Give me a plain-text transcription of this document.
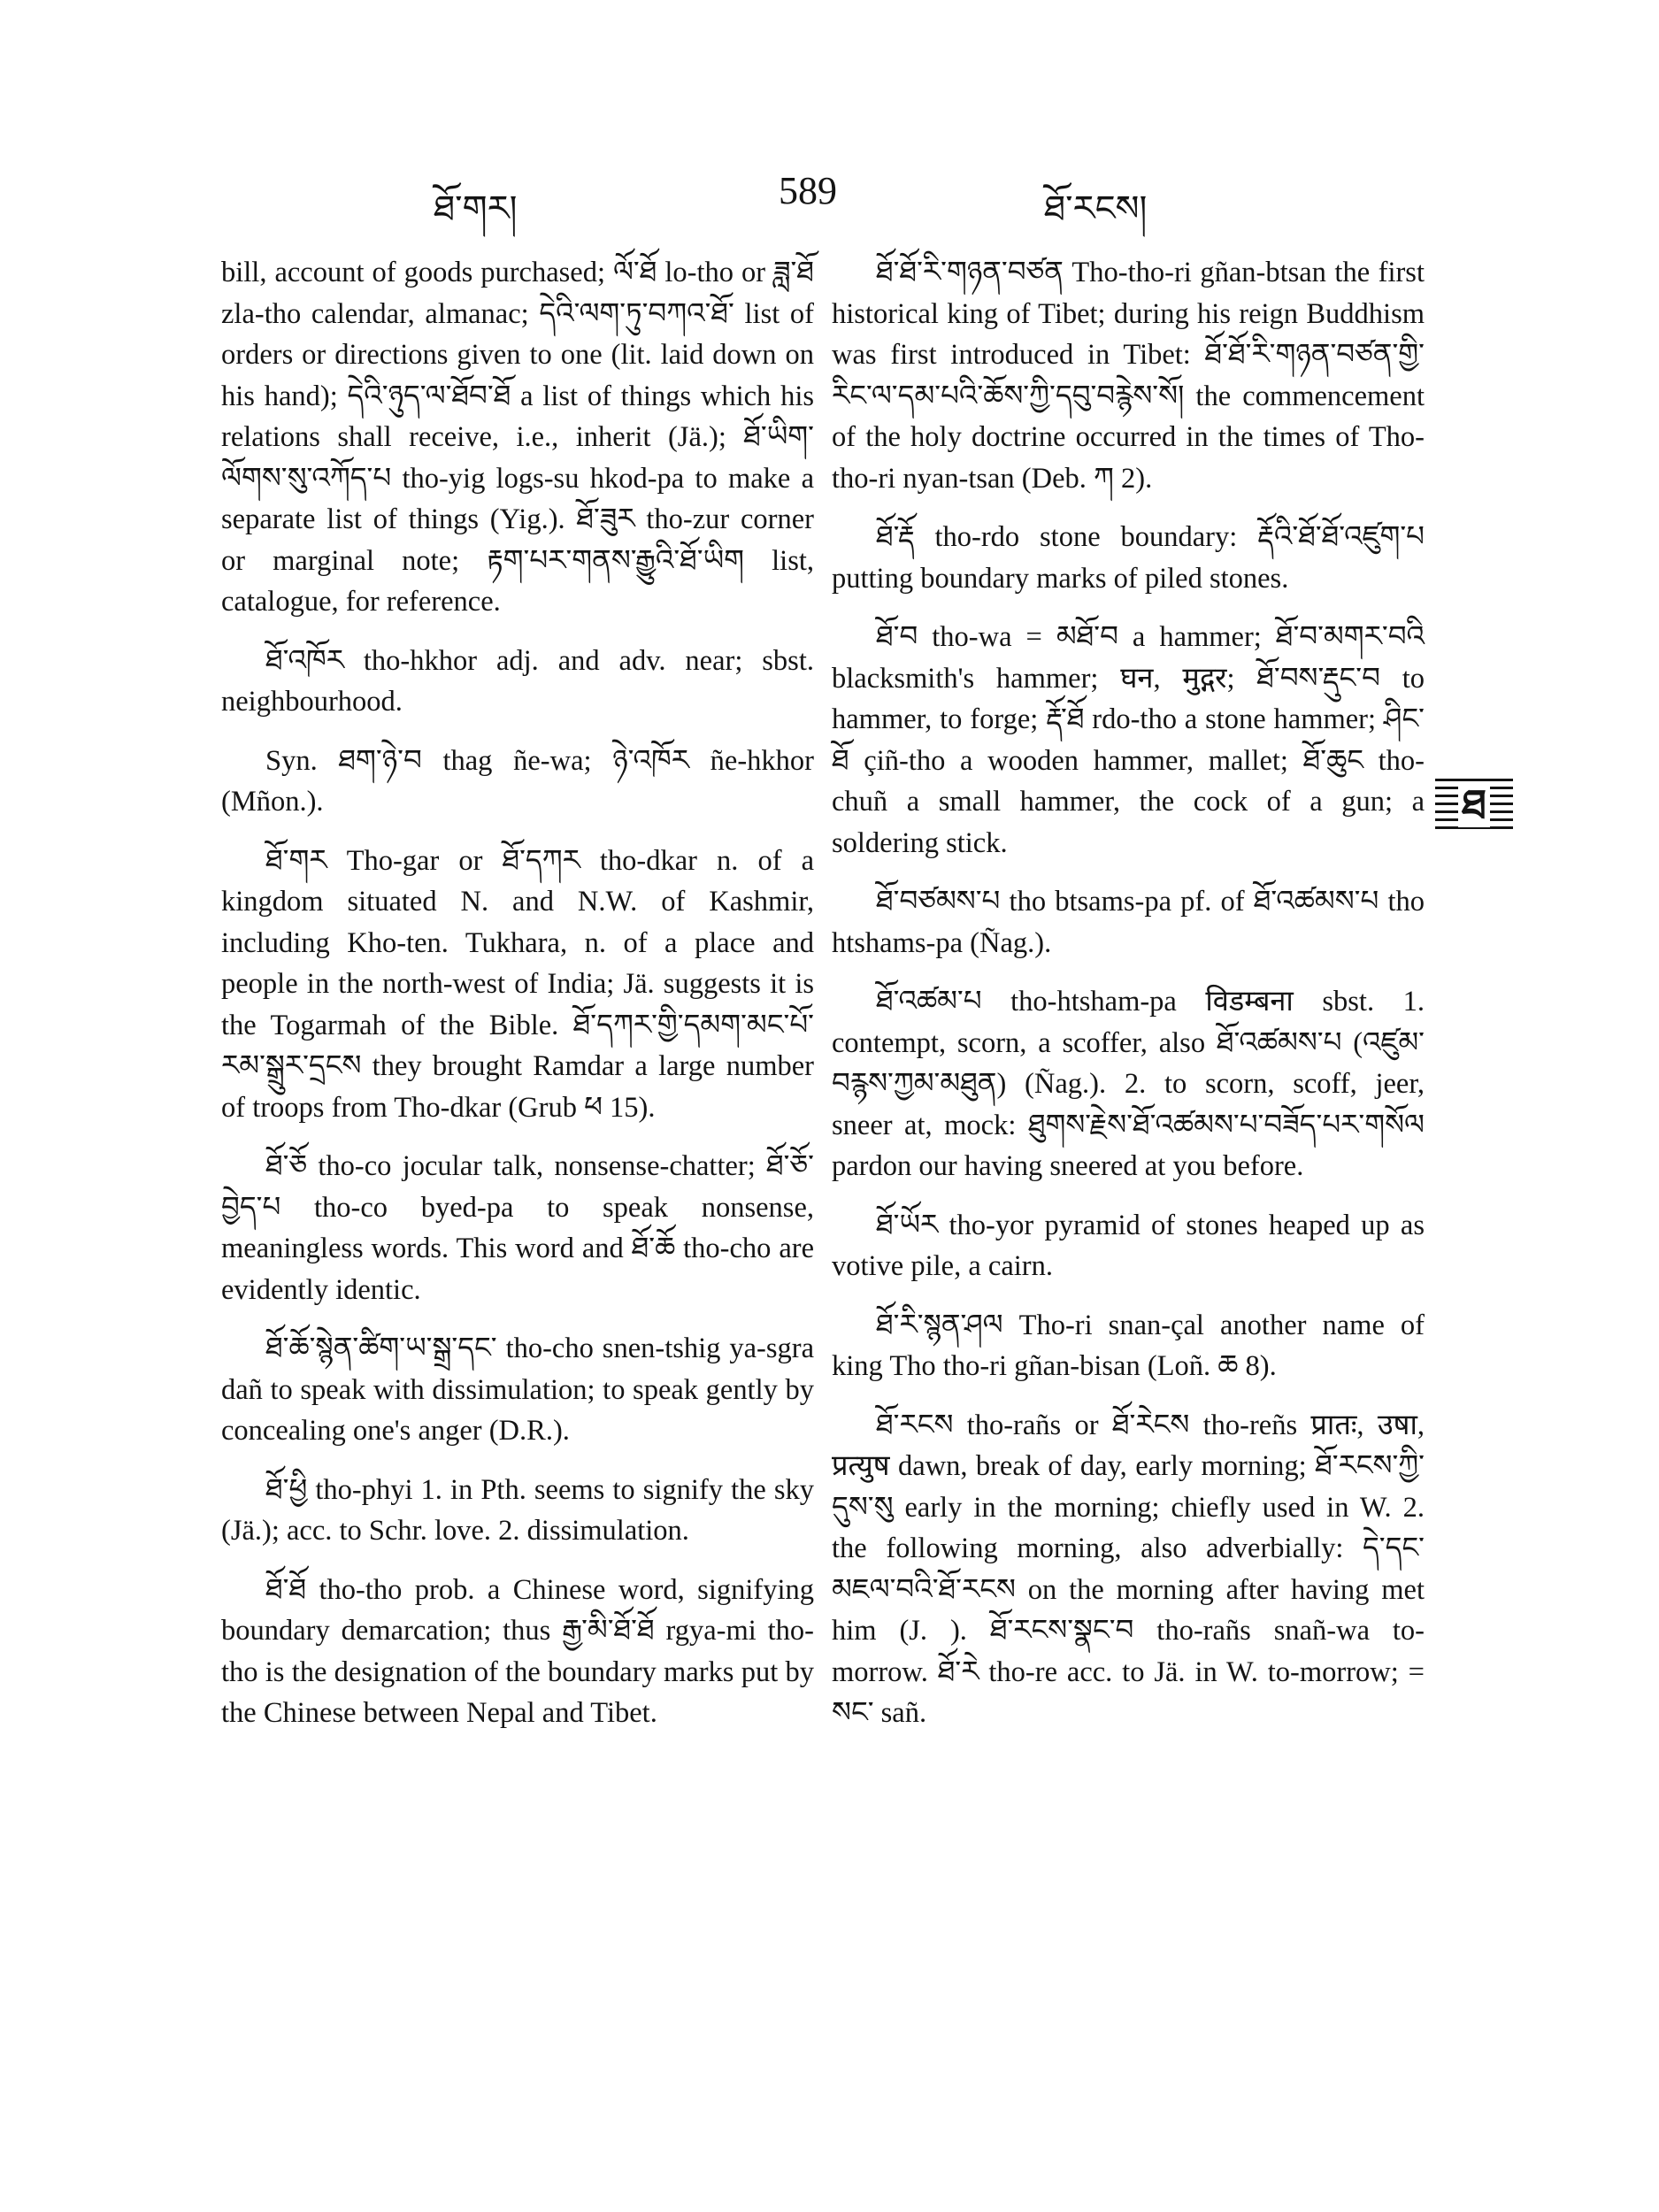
ཐོ་གར།	589	ཐོ་རངས།

bill, account of goods purchased; ལོ་ཐོ lo-tho or ཟླ་ཐོ zla-tho calendar, almanac; དེའི་ལག་ཏུ་བཀའ་ཐོ་ list of orders or directions given to one (lit. laid down on his hand); དེའི་ཉུད་ལ་ཐོབ་ཐོ a list of things which his relations shall receive, i.e., inherit (Jä.); ཐོ་ཡིག་ལོགས་སུ་འཀོད་པ tho-yig logs-su hkod-pa to make a separate list of things (Yig.). ཐོ་ཟུར tho-zur corner or marginal note; རྟག་པར་གནས་རྒྱུའི་ཐོ་ཡིག list, catalogue, for reference.

ཐོ་འཁོར tho-hkhor adj. and adv. near; sbst. neighbourhood.

Syn. ཐག་ཉེ་བ thag ñe-wa; ཉེ་འཁོར ñe-hkhor (Mñon.).

ཐོ་གར Tho-gar or ཐོ་དཀར tho-dkar n. of a kingdom situated N. and N.W. of Kashmir, including Kho-ten. Tukhara, n. of a place and people in the north-west of India; Jä. suggests it is the Togarmah of the Bible. ཐོ་དཀར་གྱི་དམག་མང་པོ་རམ་སྒྲུར་དྲངས they brought Ramdar a large number of troops from Tho-dkar (Grub ཕ 15).

ཐོ་ཅོ tho-co jocular talk, nonsense-chatter; ཐོ་ཅོ་བྱེད་པ tho-co byed-pa to speak nonsense, meaningless words. This word and ཐོ་ཆོ tho-cho are evidently identic.

ཐོ་ཆོ་སྙེན་ཚིག་ཡ་སྒྲ་དང་ tho-cho snen-tshig ya-sgra dañ to speak with dissimulation; to speak gently by concealing one's anger (D.R.).

ཐོ་ཕྱི tho-phyi 1. in Pth. seems to signify the sky (Jä.); acc. to Schr. love. 2. dissimulation.

ཐོ་ཐོ tho-tho prob. a Chinese word, signifying boundary demarcation; thus རྒྱ་མི་ཐོ་ཐོ rgya-mi tho-tho is the designation of the boundary marks put by the Chinese between Nepal and Tibet.

ཐོ་ཐོ་རི་གཉན་བཙན Tho-tho-ri gñan-btsan the first historical king of Tibet; during his reign Buddhism was first introduced in Tibet: ཐོ་ཐོ་རི་གཉན་བཙན་གྱི་རིང་ལ་དམ་པའི་ཆོས་ཀྱི་དབུ་བརྙེས་སོ། the commencement of the holy doctrine occurred in the times of Tho-tho-ri nyan-tsan (Deb. ཀ 2).

ཐོ་རྡོ tho-rdo stone boundary: རྡོའི་ཐོ་ཐོ་འཛུག་པ putting boundary marks of piled stones.

ཐོ་བ tho-wa = མཐོ་བ a hammer; ཐོ་བ་མགར་བའི blacksmith's hammer; घन, मुद्गर; ཐོ་བས་རྡུང་བ to hammer, to forge; རྡོ་ཐོ rdo-tho a stone hammer; ཤིང་ཐོ çiñ-tho a wooden hammer, mallet; ཐོ་ཆུང tho-chuñ a small hammer, the cock of a gun; a soldering stick.

ཐོ་བཙམས་པ tho btsams-pa pf. of ཐོ་འཚམས་པ tho htshams-pa (Ñag.).

ཐོ་འཚམ་པ tho-htsham-pa विडम्बना sbst. 1. contempt, scorn, a scoffer, also ཐོ་འཚམས་པ (འཛུམ་བརྙས་ཀྱམ་མཐུན) (Ñag.). 2. to scorn, scoff, jeer, sneer at, mock: ཐུགས་རྗེས་ཐོ་འཚམས་པ་བཟོད་པར་གསོལ pardon our having sneered at you before.

ཐོ་ཡོར tho-yor pyramid of stones heaped up as votive pile, a cairn.

ཐོ་རི་སྙན་ཤལ Tho-ri snan-çal another name of king Tho tho-ri gñan-bisan (Loñ. ཆ 8).

ཐོ་རངས tho-rañs or ཐོ་རེངས tho-reñs प्रातः, उषा, प्रत्युष dawn, break of day, early morning; ཐོ་རངས་ཀྱི་དུས་སུ early in the morning; chiefly used in W. 2. the following morning, also adverbially: དེ་དང་མཇལ་བའི་ཐོ་རངས on the morning after having met him (J. ). ཐོ་རངས་སྣང་བ tho-rañs snañ-wa to-morrow. ཐོ་རེ tho-re acc. to Jä. in W. to-morrow; = སང་ sañ.

ཐ
